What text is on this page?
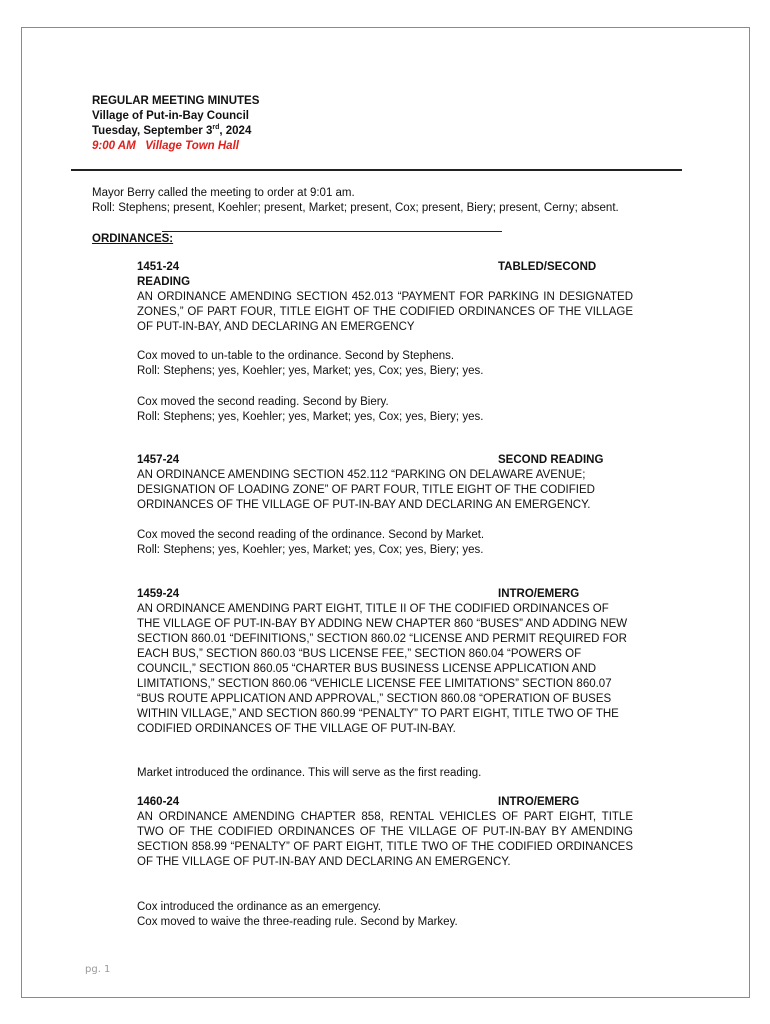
REGULAR MEETING MINUTES
Village of Put-in-Bay Council
Tuesday, September 3rd, 2024
9:00 AM   Village Town Hall
Mayor Berry called the meeting to order at 9:01 am.
Roll: Stephens; present, Koehler; present, Market; present, Cox; present, Biery; present, Cerny; absent.
ORDINANCES:
1451-24	TABLED/SECOND
READING
AN ORDINANCE AMENDING SECTION 452.013 “PAYMENT FOR PARKING IN DESIGNATED ZONES,” OF PART FOUR, TITLE EIGHT OF THE CODIFIED ORDINANCES OF THE VILLAGE OF PUT-IN-BAY, AND DECLARING AN EMERGENCY
Cox moved to un-table to the ordinance. Second by Stephens.
Roll: Stephens; yes, Koehler; yes, Market; yes, Cox; yes, Biery; yes.
Cox moved the second reading. Second by Biery.
Roll: Stephens; yes, Koehler; yes, Market; yes, Cox; yes, Biery; yes.
1457-24	SECOND READING
AN ORDINANCE AMENDING SECTION 452.112 “PARKING ON DELAWARE AVENUE; DESIGNATION OF LOADING ZONE” OF PART FOUR, TITLE EIGHT OF THE CODIFIED ORDINANCES OF THE VILLAGE OF PUT-IN-BAY AND DECLARING AN EMERGENCY.
Cox moved the second reading of the ordinance. Second by Market.
Roll: Stephens; yes, Koehler; yes, Market; yes, Cox; yes, Biery; yes.
1459-24	INTRO/EMERG
AN ORDINANCE AMENDING PART EIGHT, TITLE II OF THE CODIFIED ORDINANCES OF THE VILLAGE OF PUT-IN-BAY BY ADDING NEW CHAPTER 860 “BUSES” AND ADDING NEW SECTION 860.01 “DEFINITIONS,” SECTION 860.02 “LICENSE AND PERMIT REQUIRED FOR EACH BUS,” SECTION 860.03 “BUS LICENSE FEE,” SECTION 860.04 “POWERS OF COUNCIL,” SECTION 860.05 “CHARTER BUS BUSINESS LICENSE APPLICATION AND LIMITATIONS,” SECTION 860.06 “VEHICLE LICENSE FEE LIMITATIONS” SECTION 860.07 “BUS ROUTE APPLICATION AND APPROVAL,” SECTION 860.08 “OPERATION OF BUSES WITHIN VILLAGE,” AND SECTION 860.99 “PENALTY” TO PART EIGHT, TITLE TWO OF THE CODIFIED ORDINANCES OF THE VILLAGE OF PUT-IN-BAY.
Market introduced the ordinance. This will serve as the first reading.
1460-24	INTRO/EMERG
AN ORDINANCE AMENDING CHAPTER 858, RENTAL VEHICLES OF PART EIGHT, TITLE TWO OF THE CODIFIED ORDINANCES OF THE VILLAGE OF PUT-IN-BAY BY AMENDING SECTION 858.99 “PENALTY” OF PART EIGHT, TITLE TWO OF THE CODIFIED ORDINANCES OF THE VILLAGE OF PUT-IN-BAY AND DECLARING AN EMERGENCY.
Cox introduced the ordinance as an emergency.
Cox moved to waive the three-reading rule. Second by Markey.
pg. 1
